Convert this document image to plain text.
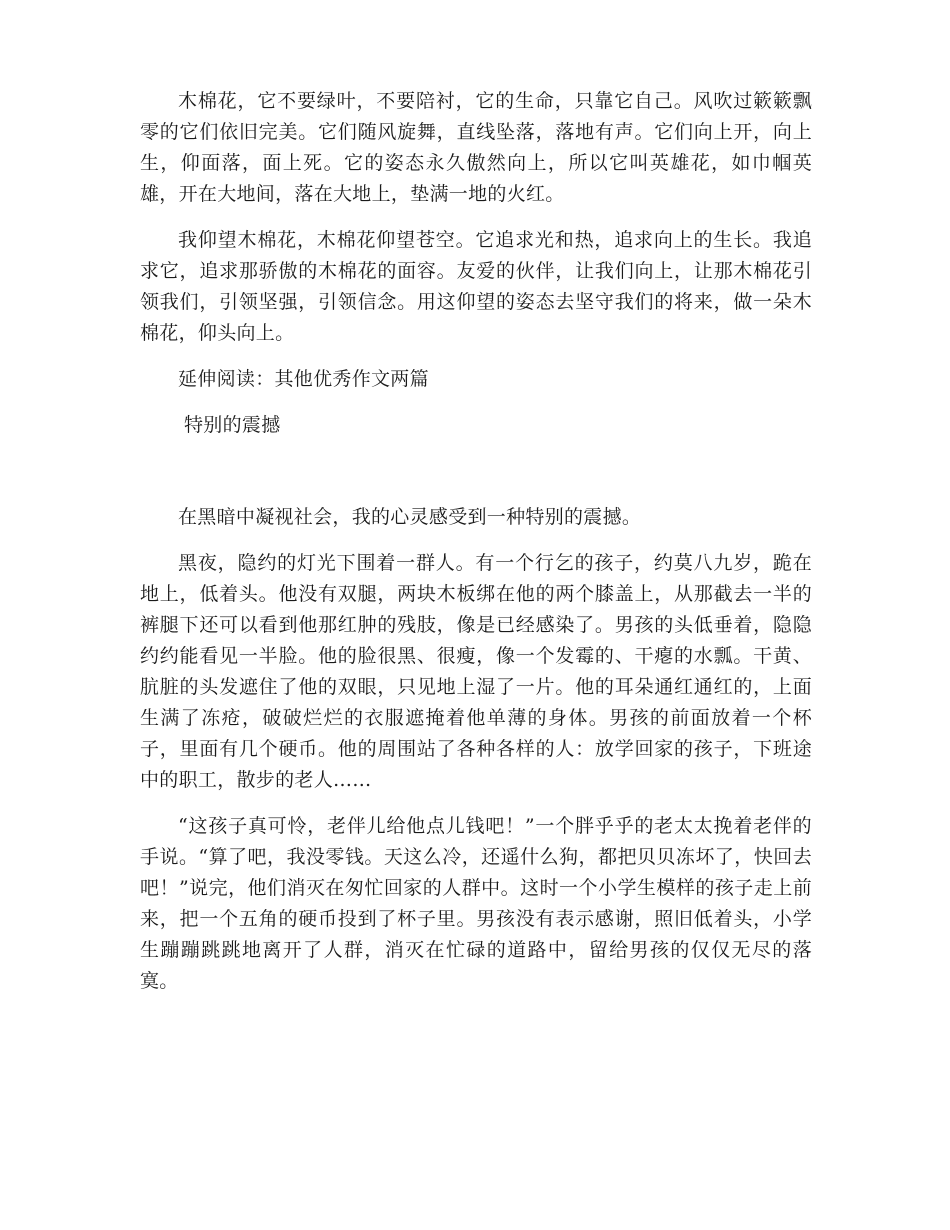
木棉花，它不要绿叶，不要陪衬，它的生命，只靠它自己。风吹过簌簌飘零的它们依旧完美。它们随风旋舞，直线坠落，落地有声。它们向上开，向上生，仰面落，面上死。它的姿态永久傲然向上，所以它叫英雄花，如巾帼英雄，开在大地间，落在大地上，垫满一地的火红。

我仰望木棉花，木棉花仰望苍空。它追求光和热，追求向上的生长。我追求它，追求那骄傲的木棉花的面容。友爱的伙伴，让我们向上，让那木棉花引领我们，引领坚强，引领信念。用这仰望的姿态去坚守我们的将来，做一朵木棉花，仰头向上。

延伸阅读：其他优秀作文两篇

特别的震撼

在黑暗中凝视社会，我的心灵感受到一种特别的震撼。

黑夜，隐约的灯光下围着一群人。有一个行乞的孩子，约莫八九岁，跪在地上，低着头。他没有双腿，两块木板绑在他的两个膝盖上，从那截去一半的裤腿下还可以看到他那红肿的残肢，像是已经感染了。男孩的头低垂着，隐隐约约能看见一半脸。他的脸很黑、很瘦，像一个发霉的、干瘪的水瓢。干黄、肮脏的头发遮住了他的双眼，只见地上湿了一片。他的耳朵通红通红的，上面生满了冻疮，破破烂烂的衣服遮掩着他单薄的身体。男孩的前面放着一个杯子，里面有几个硬币。他的周围站了各种各样的人：放学回家的孩子，下班途中的职工，散步的老人……

“这孩子真可怜，老伴儿给他点儿钱吧！”一个胖乎乎的老太太挽着老伴的手说。“算了吧，我没零钱。天这么冷，还遥什么狗，都把贝贝冻坏了，快回去吧！”说完，他们消灭在匆忙回家的人群中。这时一个小学生模样的孩子走上前来，把一个五角的硬币投到了杯子里。男孩没有表示感谢，照旧低着头，小学生蹦蹦跳跳地离开了人群，消灭在忙碌的道路中，留给男孩的仅仅无尽的落寞。
